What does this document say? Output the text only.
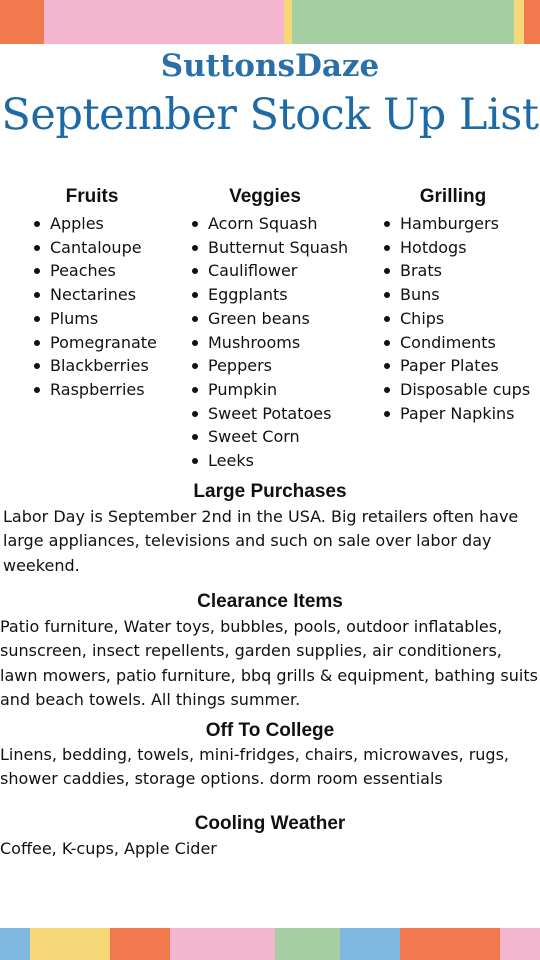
SuttonsDaze
September Stock Up List
Fruits
Apples
Cantaloupe
Peaches
Nectarines
Plums
Pomegranate
Blackberries
Raspberries
Veggies
Acorn Squash
Butternut Squash
Cauliflower
Eggplants
Green beans
Mushrooms
Peppers
Pumpkin
Sweet Potatoes
Sweet Corn
Leeks
Grilling
Hamburgers
Hotdogs
Brats
Buns
Chips
Condiments
Paper Plates
Disposable cups
Paper Napkins
Large Purchases

Labor Day is September 2nd in the USA. Big retailers often have large appliances, televisions and such on sale over labor day weekend.

Clearance Items

Patio furniture, Water toys, bubbles, pools, outdoor inflatables, sunscreen, insect repellents, garden supplies, air conditioners, lawn mowers, patio furniture, bbq grills & equipment, bathing suits and beach towels. All things summer.

Off To College

Linens, bedding, towels, mini-fridges, chairs, microwaves, rugs, shower caddies, storage options. dorm room essentials

Cooling Weather

Coffee, K-cups, Apple Cider
